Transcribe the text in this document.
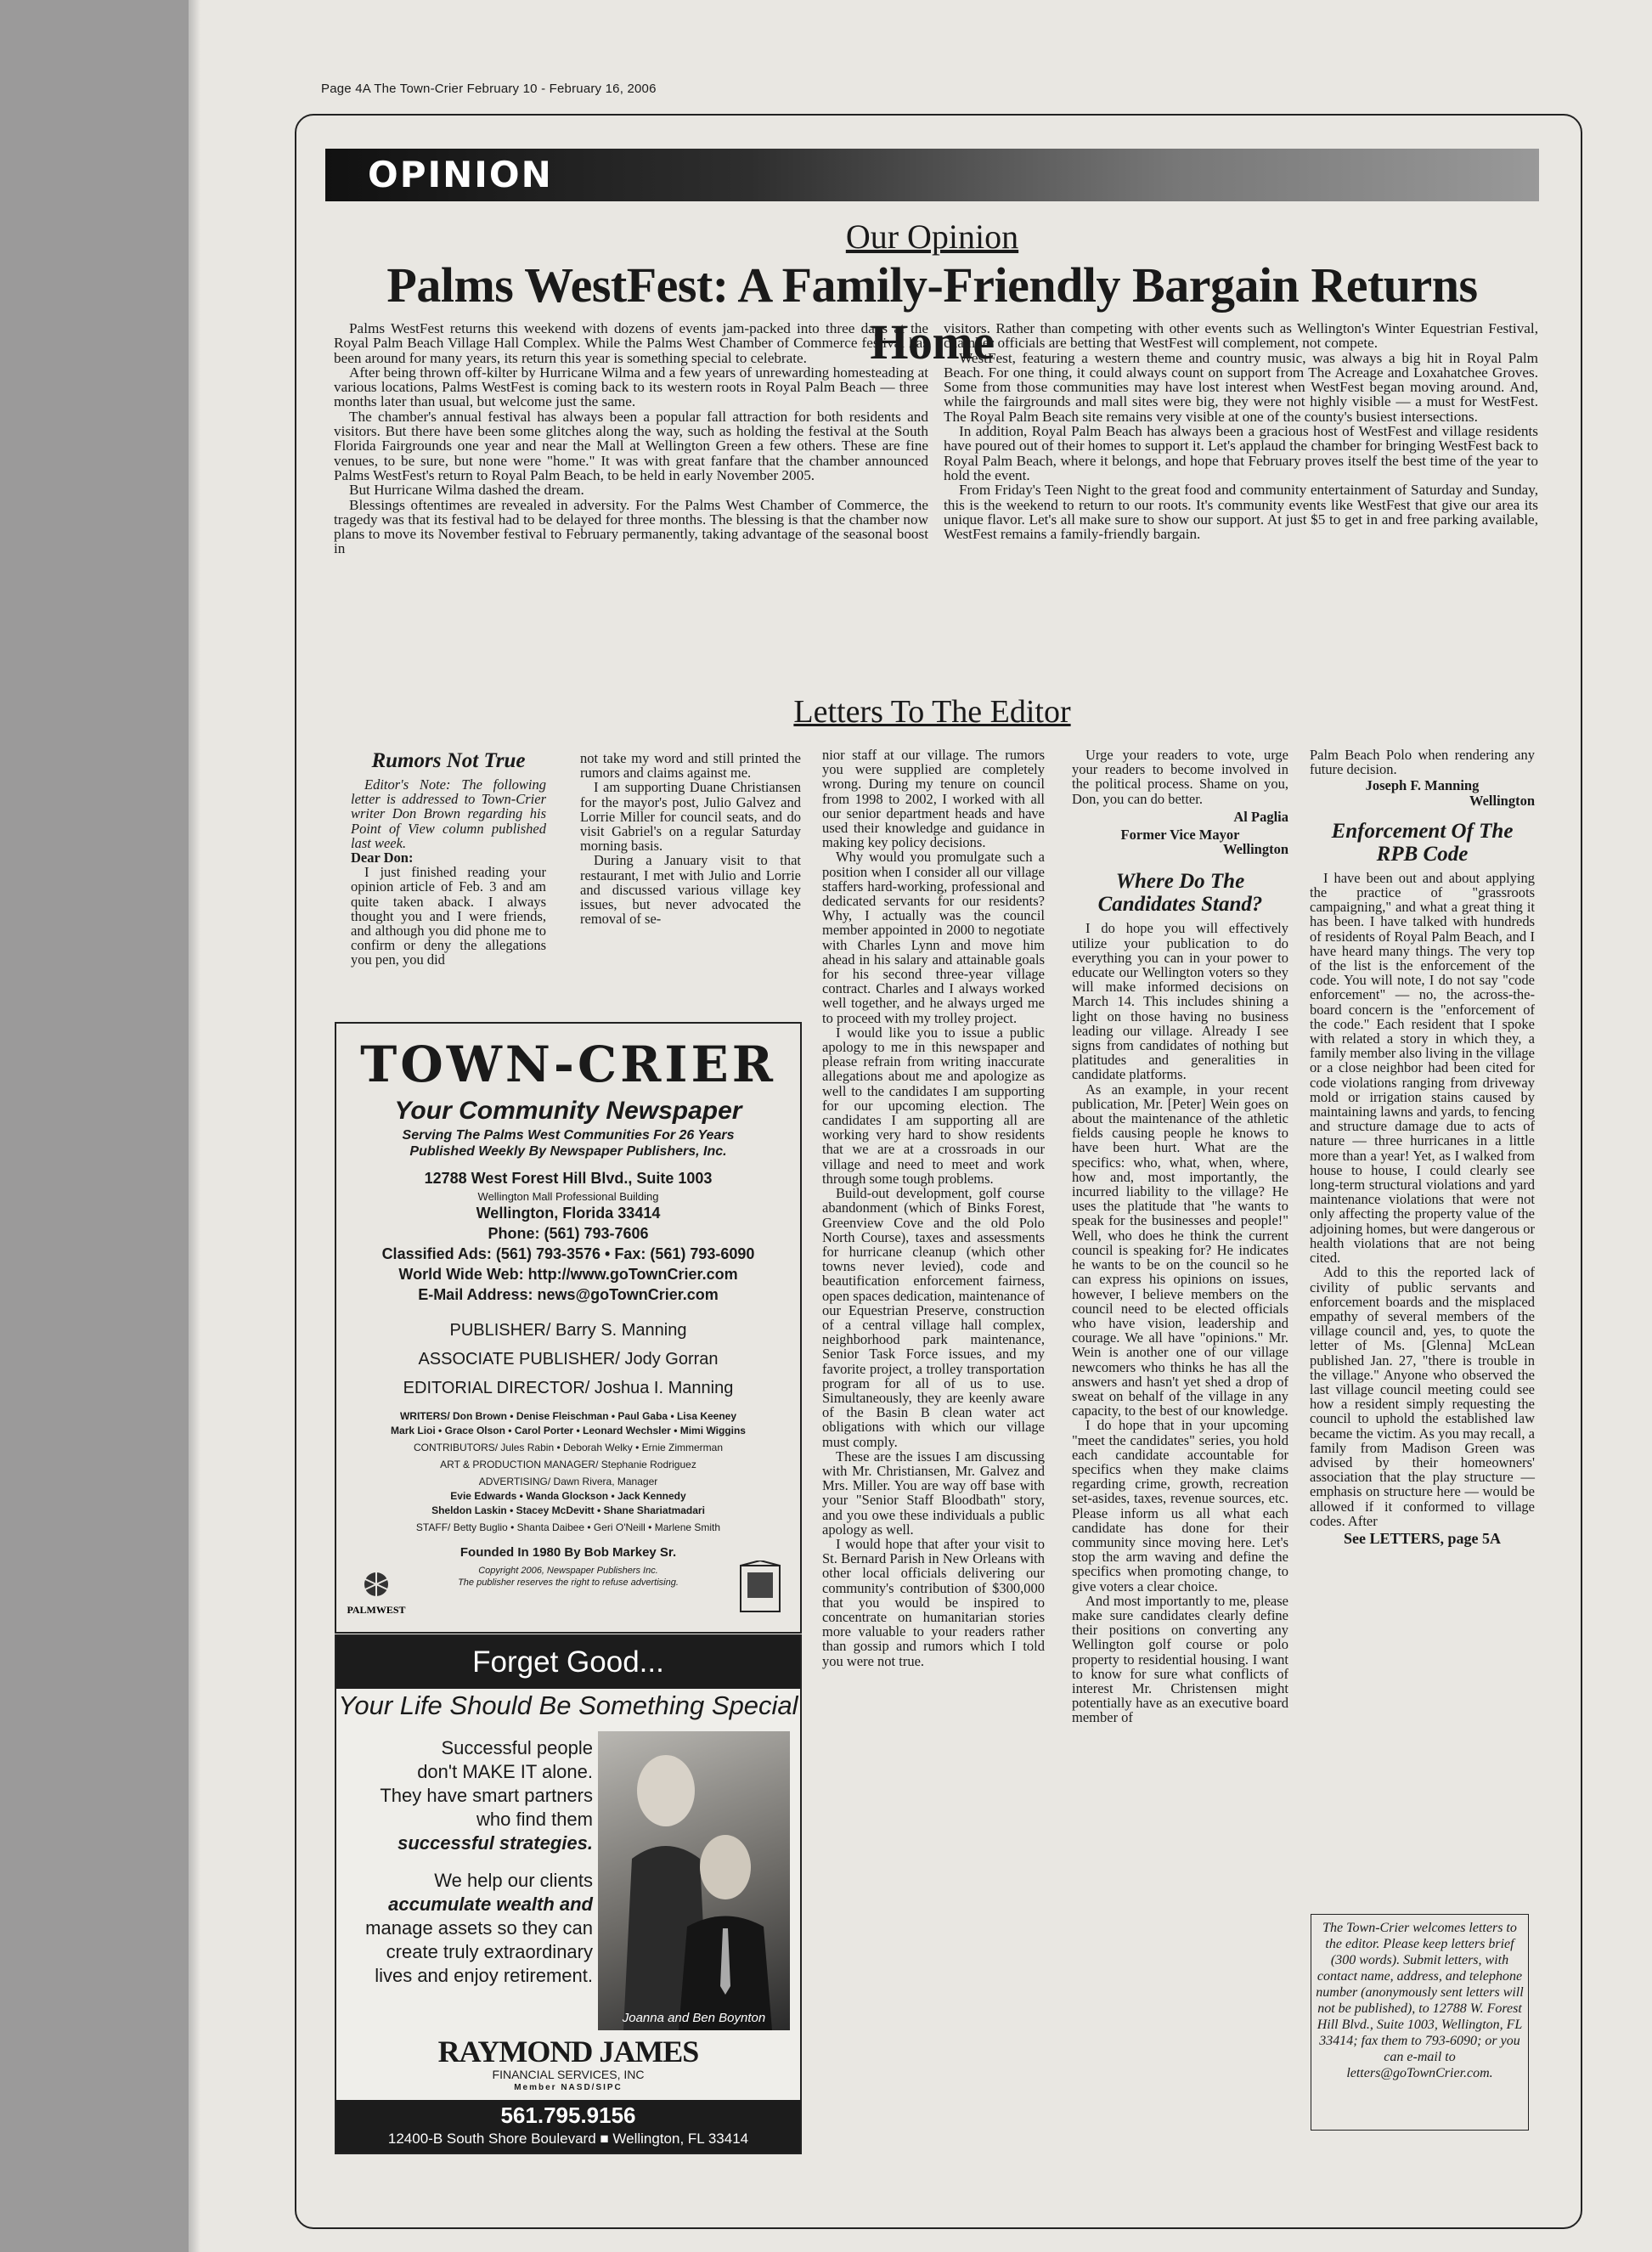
Page 4A The Town-Crier February 10 - February 16, 2006
OPINION
Our Opinion
Palms WestFest: A Family-Friendly Bargain Returns Home

Palms WestFest returns this weekend with dozens of events jam-packed into three days at the Royal Palm Beach Village Hall Complex. While the Palms West Chamber of Commerce festival has been around for many years, its return this year is something special to celebrate.

After being thrown off-kilter by Hurricane Wilma and a few years of unrewarding homesteading at various locations, Palms WestFest is coming back to its western roots in Royal Palm Beach — three months later than usual, but welcome just the same.

The chamber's annual festival has always been a popular fall attraction for both residents and visitors. But there have been some glitches along the way, such as holding the festival at the South Florida Fairgrounds one year and near the Mall at Wellington Green a few others. These are fine venues, to be sure, but none were "home." It was with great fanfare that the chamber announced Palms WestFest's return to Royal Palm Beach, to be held in early November 2005.

But Hurricane Wilma dashed the dream.

Blessings oftentimes are revealed in adversity. For the Palms West Chamber of Commerce, the tragedy was that its festival had to be delayed for three months. The blessing is that the chamber now plans to move its November festival to February permanently, taking advantage of the seasonal boost in

visitors. Rather than competing with other events such as Wellington's Winter Equestrian Festival, chamber officials are betting that WestFest will complement, not compete.

WestFest, featuring a western theme and country music, was always a big hit in Royal Palm Beach. For one thing, it could always count on support from The Acreage and Loxahatchee Groves. Some from those communities may have lost interest when WestFest began moving around. And, while the fairgrounds and mall sites were big, they were not highly visible — a must for WestFest. The Royal Palm Beach site remains very visible at one of the county's busiest intersections.

In addition, Royal Palm Beach has always been a gracious host of WestFest and village residents have poured out of their homes to support it. Let's applaud the chamber for bringing WestFest back to Royal Palm Beach, where it belongs, and hope that February proves itself the best time of the year to hold the event.

From Friday's Teen Night to the great food and community entertainment of Saturday and Sunday, this is the weekend to return to our roots. It's community events like WestFest that give our area its unique flavor. Let's all make sure to show our support. At just $5 to get in and free parking available, WestFest remains a family-friendly bargain.

Letters To The Editor
Rumors Not True

Editor's Note: The following letter is addressed to Town-Crier writer Don Brown regarding his Point of View column published last week.

Dear Don:

I just finished reading your opinion article of Feb. 3 and am quite taken aback. I always thought you and I were friends, and although you did phone me to confirm or deny the allegations you pen, you did

not take my word and still printed the rumors and claims against me.

I am supporting Duane Christiansen for the mayor's post, Julio Galvez and Lorrie Miller for council seats, and do visit Gabriel's on a regular Saturday morning basis.

During a January visit to that restaurant, I met with Julio and Lorrie and discussed various village key issues, but never advocated the removal of se-

TOWN-CRIER
Your Community Newspaper
Serving The Palms West Communities For 26 Years
Published Weekly By Newspaper Publishers, Inc.
12788 West Forest Hill Blvd., Suite 1003
Wellington Mall Professional Building
Wellington, Florida 33414
Phone: (561) 793-7606
Classified Ads: (561) 793-3576 • Fax: (561) 793-6090
World Wide Web: http://www.goTownCrier.com
E-Mail Address: news@goTownCrier.com
PUBLISHER/ Barry S. Manning
ASSOCIATE PUBLISHER/ Jody Gorran
EDITORIAL DIRECTOR/ Joshua I. Manning
WRITERS/ Don Brown • Denise Fleischman • Paul Gaba • Lisa Keeney
Mark Lioi • Grace Olson • Carol Porter • Leonard Wechsler • Mimi Wiggins
CONTRIBUTORS/ Jules Rabin • Deborah Welky • Ernie Zimmerman
ART & PRODUCTION MANAGER/ Stephanie Rodriguez
ADVERTISING/ Dawn Rivera, Manager
Evie Edwards • Wanda Glockson • Jack Kennedy
Sheldon Laskin • Stacey McDevitt • Shane Shariatmadari
STAFF/ Betty Buglio • Shanta Daibee • Geri O'Neill • Marlene Smith
Founded In 1980 By Bob Markey Sr.
Copyright 2006, Newspaper Publishers Inc.
The publisher reserves the right to refuse advertising.
PALMWEST
Forget Good...
Your Life Should Be Something Special
Successful people
don't MAKE IT alone.
They have smart partners
who find them
successful strategies.
We help our clients
accumulate wealth and
manage assets so they can
create truly extraordinary
lives and enjoy retirement.
Joanna and Ben Boynton
RAYMOND JAMES
FINANCIAL SERVICES, INC
Member NASD/SIPC
561.795.9156
12400-B South Shore Boulevard ■ Wellington, FL 33414

nior staff at our village. The rumors you were supplied are completely wrong. During my tenure on council from 1998 to 2002, I worked with all our senior department heads and have used their knowledge and guidance in making key policy decisions.

Why would you promulgate such a position when I consider all our village staffers hard-working, professional and dedicated servants for our residents? Why, I actually was the council member appointed in 2000 to negotiate with Charles Lynn and move him ahead in his salary and attainable goals for his second three-year village contract. Charles and I always worked well together, and he always urged me to proceed with my trolley project.

I would like you to issue a public apology to me in this newspaper and please refrain from writing inaccurate allegations about me and apologize as well to the candidates I am supporting for our upcoming election. The candidates I am supporting all are working very hard to show residents that we are at a crossroads in our village and need to meet and work through some tough problems.

Build-out development, golf course abandonment (which of Binks Forest, Greenview Cove and the old Polo North Course), taxes and assessments for hurricane cleanup (which other towns never levied), code and beautification enforcement fairness, open spaces dedication, maintenance of our Equestrian Preserve, construction of a central village hall complex, neighborhood park maintenance, Senior Task Force issues, and my favorite project, a trolley transportation program for all of us to use. Simultaneously, they are keenly aware of the Basin B clean water act obligations with which our village must comply.

These are the issues I am discussing with Mr. Christiansen, Mr. Galvez and Mrs. Miller. You are way off base with your "Senior Staff Bloodbath" story, and you owe these individuals a public apology as well.

I would hope that after your visit to St. Bernard Parish in New Orleans with other local officials delivering our community's contribution of $300,000 that you would be inspired to concentrate on humanitarian stories more valuable to your readers rather than gossip and rumors which I told you were not true.

Urge your readers to vote, urge your readers to become involved in the political process. Shame on you, Don, you can do better.

Al Paglia
Former Vice Mayor
Wellington
Where Do The Candidates Stand?

I do hope you will effectively utilize your publication to do everything you can in your power to educate our Wellington voters so they will make informed decisions on March 14. This includes shining a light on those having no business leading our village. Already I see signs from candidates of nothing but platitudes and generalities in candidate platforms.

As an example, in your recent publication, Mr. [Peter] Wein goes on about the maintenance of the athletic fields causing people he knows to have been hurt. What are the specifics: who, what, when, where, how and, most importantly, the incurred liability to the village? He uses the platitude that "he wants to speak for the businesses and people!" Well, who does he think the current council is speaking for? He indicates he wants to be on the council so he can express his opinions on issues, however, I believe members on the council need to be elected officials who have vision, leadership and courage. We all have "opinions." Mr. Wein is another one of our village newcomers who thinks he has all the answers and hasn't yet shed a drop of sweat on behalf of the village in any capacity, to the best of our knowledge.

I do hope that in your upcoming "meet the candidates" series, you hold each candidate accountable for specifics when they make claims regarding crime, growth, recreation set-asides, taxes, revenue sources, etc. Please inform us all what each candidate has done for their community since moving here. Let's stop the arm waving and define the specifics when promoting change, to give voters a clear choice.

And most importantly to me, please make sure candidates clearly define their positions on converting any Wellington golf course or polo property to residential housing. I want to know for sure what conflicts of interest Mr. Christensen might potentially have as an executive board member of

Palm Beach Polo when rendering any future decision.

Joseph F. Manning
Wellington
Enforcement Of The RPB Code

I have been out and about applying the practice of "grassroots campaigning," and what a great thing it has been. I have talked with hundreds of residents of Royal Palm Beach, and I have heard many things. The very top of the list is the enforcement of the code. You will note, I do not say "code enforcement" — no, the across-the-board concern is the "enforcement of the code." Each resident that I spoke with related a story in which they, a family member also living in the village or a close neighbor had been cited for code violations ranging from driveway mold or irrigation stains caused by maintaining lawns and yards, to fencing and structure damage due to acts of nature — three hurricanes in a little more than a year! Yet, as I walked from house to house, I could clearly see long-term structural violations and yard maintenance violations that were not only affecting the property value of the adjoining homes, but were dangerous or health violations that are not being cited.

Add to this the reported lack of civility of public servants and enforcement boards and the misplaced empathy of several members of the village council and, yes, to quote the letter of Ms. [Glenna] McLean published Jan. 27, "there is trouble in the village." Anyone who observed the last village council meeting could see how a resident simply requesting the council to uphold the established law became the victim. As you may recall, a family from Madison Green was advised by their homeowners' association that the play structure — emphasis on structure here — would be allowed if it conformed to village codes. After

See LETTERS, page 5A
The Town-Crier welcomes letters to the editor. Please keep letters brief (300 words). Submit letters, with contact name, address, and telephone number (anonymously sent letters will not be published), to 12788 W. Forest Hill Blvd., Suite 1003, Wellington, FL 33414; fax them to 793-6090; or you can e-mail to letters@goTownCrier.com.
